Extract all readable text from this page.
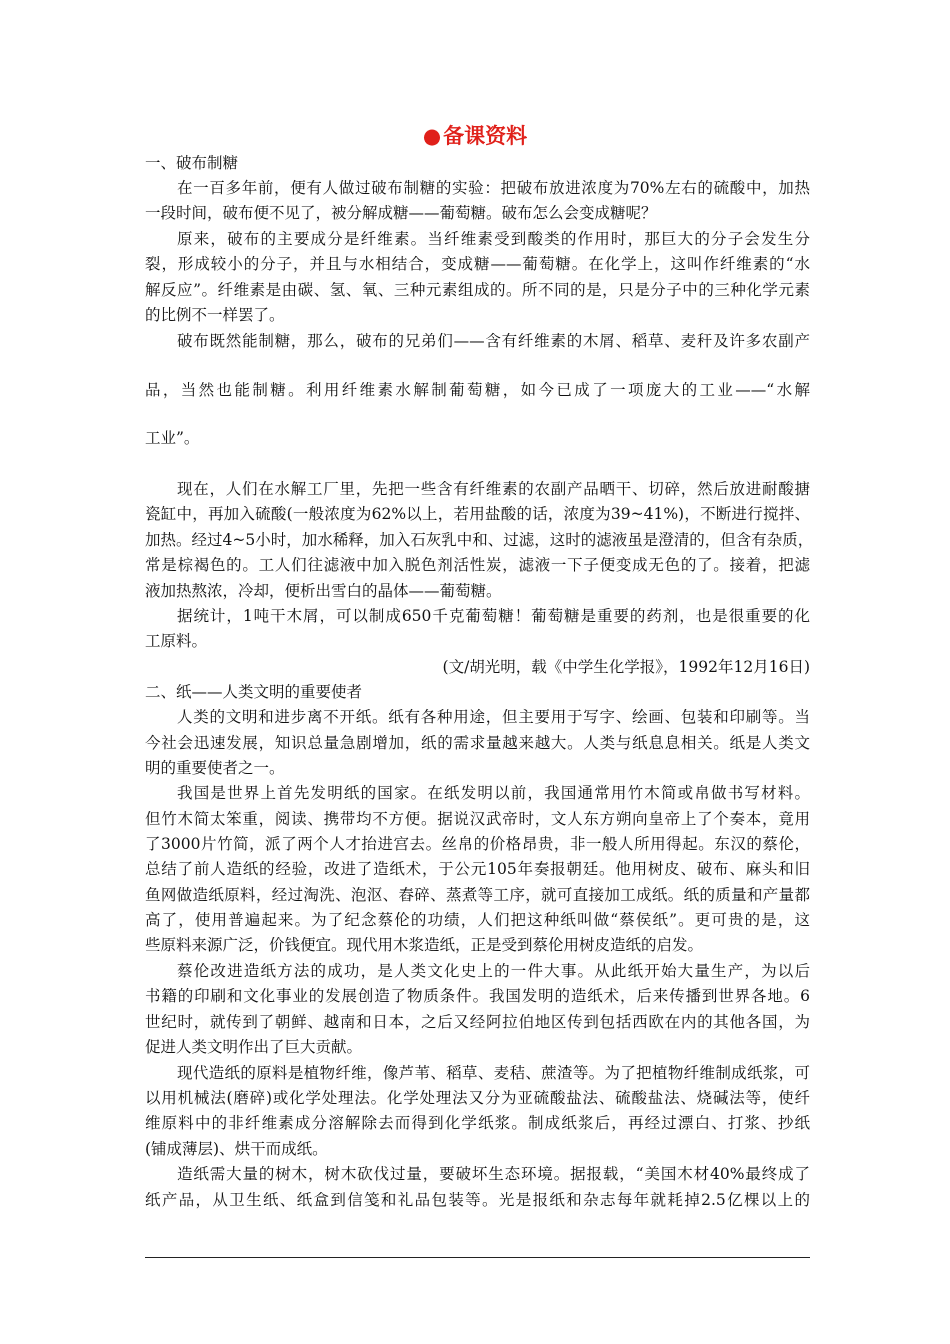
●备课资料
一、破布制糖
在一百多年前，便有人做过破布制糖的实验：把破布放进浓度为70%左右的硫酸中，加热
一段时间，破布便不见了，被分解成糖——葡萄糖。破布怎么会变成糖呢？
原来，破布的主要成分是纤维素。当纤维素受到酸类的作用时，那巨大的分子会发生分
裂，形成较小的分子，并且与水相结合，变成糖——葡萄糖。在化学上，这叫作纤维素的“水
解反应”。纤维素是由碳、氢、氧、三种元素组成的。所不同的是，只是分子中的三种化学元素
的比例不一样罢了。
破布既然能制糖，那么，破布的兄弟们——含有纤维素的木屑、稻草、麦秆及许多农副产
品，当然也能制糖。利用纤维素水解制葡萄糖，如今已成了一项庞大的工业——“水解
工业”。
现在，人们在水解工厂里，先把一些含有纤维素的农副产品晒干、切碎，然后放进耐酸搪
瓷缸中，再加入硫酸(一般浓度为62%以上，若用盐酸的话，浓度为39~41%)，不断进行搅拌、
加热。经过4~5小时，加水稀释，加入石灰乳中和、过滤，这时的滤液虽是澄清的，但含有杂质，
常是棕褐色的。工人们往滤液中加入脱色剂活性炭，滤液一下子便变成无色的了。接着，把滤
液加热熬浓，冷却，便析出雪白的晶体——葡萄糖。
据统计，1吨干木屑，可以制成650千克葡萄糖！葡萄糖是重要的药剂，也是很重要的化
工原料。
(文/胡光明，载《中学生化学报》，1992年12月16日)
二、纸——人类文明的重要使者
人类的文明和进步离不开纸。纸有各种用途，但主要用于写字、绘画、包装和印刷等。当
今社会迅速发展，知识总量急剧增加，纸的需求量越来越大。人类与纸息息相关。纸是人类文
明的重要使者之一。
我国是世界上首先发明纸的国家。在纸发明以前，我国通常用竹木简或帛做书写材料。
但竹木简太笨重，阅读、携带均不方便。据说汉武帝时，文人东方朔向皇帝上了个奏本，竟用
了3000片竹简，派了两个人才抬进宫去。丝帛的价格昂贵，非一般人所用得起。东汉的蔡伦，
总结了前人造纸的经验，改进了造纸术，于公元105年奏报朝廷。他用树皮、破布、麻头和旧
鱼网做造纸原料，经过淘洗、泡沤、舂碎、蒸煮等工序，就可直接加工成纸。纸的质量和产量都
高了，使用普遍起来。为了纪念蔡伦的功绩，人们把这种纸叫做“蔡侯纸”。更可贵的是，这
些原料来源广泛，价钱便宜。现代用木浆造纸，正是受到蔡伦用树皮造纸的启发。
蔡伦改进造纸方法的成功，是人类文化史上的一件大事。从此纸开始大量生产，为以后
书籍的印刷和文化事业的发展创造了物质条件。我国发明的造纸术，后来传播到世界各地。6
世纪时，就传到了朝鲜、越南和日本，之后又经阿拉伯地区传到包括西欧在内的其他各国，为
促进人类文明作出了巨大贡献。
现代造纸的原料是植物纤维，像芦苇、稻草、麦秸、蔗渣等。为了把植物纤维制成纸浆，可
以用机械法(磨碎)或化学处理法。化学处理法又分为亚硫酸盐法、硫酸盐法、烧碱法等，使纤
维原料中的非纤维素成分溶解除去而得到化学纸浆。制成纸浆后，再经过漂白、打浆、抄纸
(铺成薄层)、烘干而成纸。
造纸需大量的树木，树木砍伐过量，要破坏生态环境。据报载，“美国木材40%最终成了
纸产品，从卫生纸、纸盒到信笺和礼品包装等。光是报纸和杂志每年就耗掉2.5亿棵以上的
